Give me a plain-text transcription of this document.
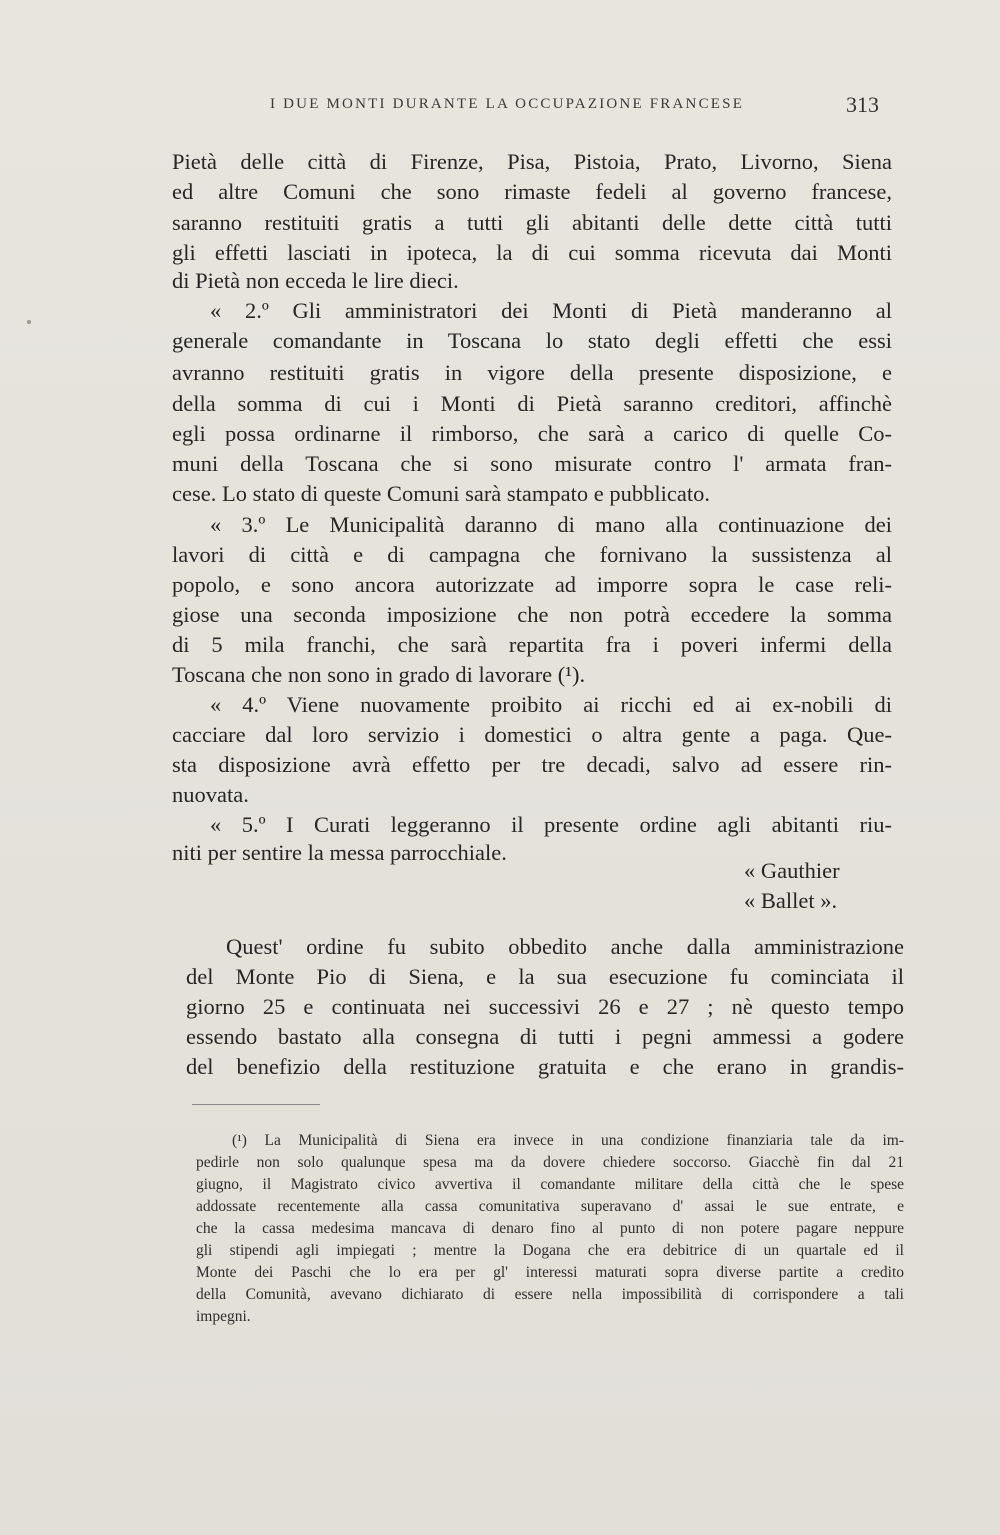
I DUE MONTI DURANTE LA OCCUPAZIONE FRANCESE	313
Pietà delle città di Firenze, Pisa, Pistoia, Prato, Livorno, Siena
ed altre Comuni che sono rimaste fedeli al governo francese,
saranno restituiti gratis a tutti gli abitanti delle dette città tutti
gli effetti lasciati in ipoteca, la di cui somma ricevuta dai Monti
di Pietà non ecceda le lire dieci.
« 2.º Gli amministratori dei Monti di Pietà manderanno al
generale comandante in Toscana lo stato degli effetti che essi
avranno restituiti gratis in vigore della presente disposizione, e
della somma di cui i Monti di Pietà saranno creditori, affinchè
egli possa ordinarne il rimborso, che sarà a carico di quelle Co-
muni della Toscana che si sono misurate contro l' armata fran-
cese. Lo stato di queste Comuni sarà stampato e pubblicato.
« 3.º Le Municipalità daranno di mano alla continuazione dei
lavori di città e di campagna che fornivano la sussistenza al
popolo, e sono ancora autorizzate ad imporre sopra le case reli-
giose una seconda imposizione che non potrà eccedere la somma
di 5 mila franchi, che sarà repartita fra i poveri infermi della
Toscana che non sono in grado di lavorare (¹).
« 4.º Viene nuovamente proibito ai ricchi ed ai ex-nobili di
cacciare dal loro servizio i domestici o altra gente a paga. Que-
sta disposizione avrà effetto per tre decadi, salvo ad essere rin-
nuovata.
« 5.º I Curati leggeranno il presente ordine agli abitanti riu-
niti per sentire la messa parrocchiale.
« Gauthier
« Ballet ».
Quest' ordine fu subito obbedito anche dalla amministrazione
del Monte Pio di Siena, e la sua esecuzione fu cominciata il
giorno 25 e continuata nei successivi 26 e 27 ; nè questo tempo
essendo bastato alla consegna di tutti i pegni ammessi a godere
del benefizio della restituzione gratuita e che erano in grandis-
(¹) La Municipalità di Siena era invece in una condizione finanziaria tale da im-
pedirle non solo qualunque spesa ma da dovere chiedere soccorso. Giacchè fin dal 21
giugno, il Magistrato civico avvertiva il comandante militare della città che le spese
addossate recentemente alla cassa comunitativa superavano d' assai le sue entrate, e
che la cassa medesima mancava di denaro fino al punto di non potere pagare neppure
gli stipendi agli impiegati ; mentre la Dogana che era debitrice di un quartale ed il
Monte dei Paschi che lo era per gl' interessi maturati sopra diverse partite a credito
della Comunità, avevano dichiarato di essere nella impossibilità di corrispondere a tali
impegni.
